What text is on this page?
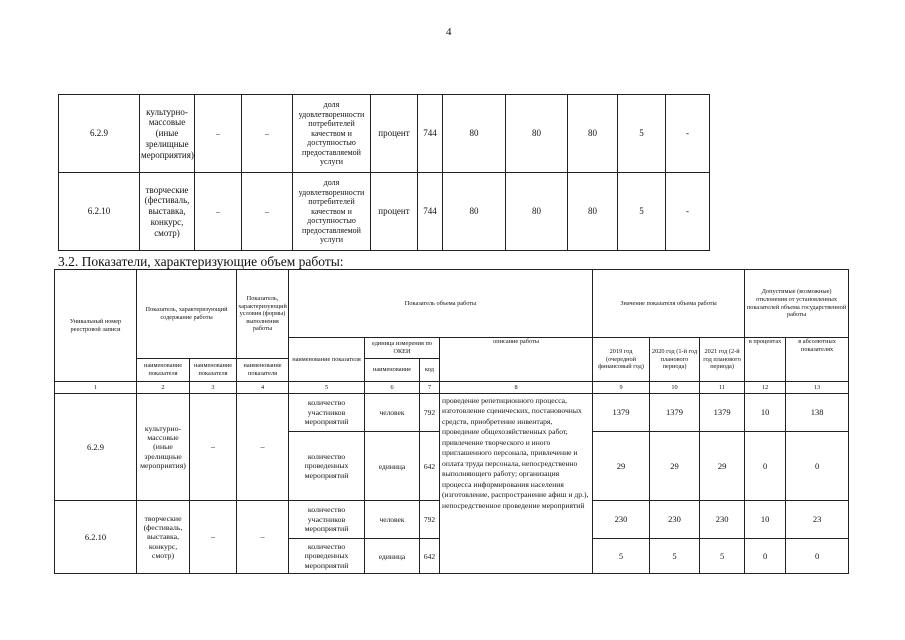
4
6.2.9	культурно-массовые (иные зрелищные мероприятия)	–	–	доля удовлетворенности потребителей качеством и доступностью предоставляемой услуги	процент	744	80	80	80	5	-
6.2.10	творческие (фестиваль, выставка, конкурс, смотр)	–	–	доля удовлетворенности потребителей качеством и доступностью предоставляемой услуги	процент	744	80	80	80	5	-
3.2. Показатели, характеризующие объем работы:
Уникальный номер реестровой записи	Показатель, характеризующий содержание работы		Показатель, характеризующий условия (формы) выполнения работы	Показатель объема работы				Значение показателя объема работы			Допустимые (возможные) отклонения от установленных показателей объема государственной работы	
				наименование показателя	единица измерения по ОКЕИ		описание работы	2019 год (очередной финансовый год)	2020 год (1-й год планового периода)	2021 год (2-й год планового периода)	в процентах	в абсолютных показателях
	наименование показателя	наименование показателя	наименование показателя		наименование	код						
1	2	3	4	5	6	7	8	9	10	11	12	13
6.2.9	культурно-массовые (иные зрелищные мероприятия)	–	–	количество участников мероприятий	человек	792	проведение репетиционного процесса, изготовление сценических, постановочных средств, приобретение инвентаря, проведение общехозяйственных работ, привлечение творческого и иного приглашенного персонала, привлечение и оплата труда персонала, непосредственно выполняющего работу; организация процесса информирования населения (изготовление, распространение афиш и др.), непосредственное проведение мероприятий	1379	1379	1379	10	138
				количество проведенных мероприятий	единица	642		29	29	29	0	0
6.2.10	творческие (фестиваль, выставка, конкурс, смотр)	–	–	количество участников мероприятий	человек	792		230	230	230	10	23
				количество проведенных мероприятий	единица	642		5	5	5	0	0
